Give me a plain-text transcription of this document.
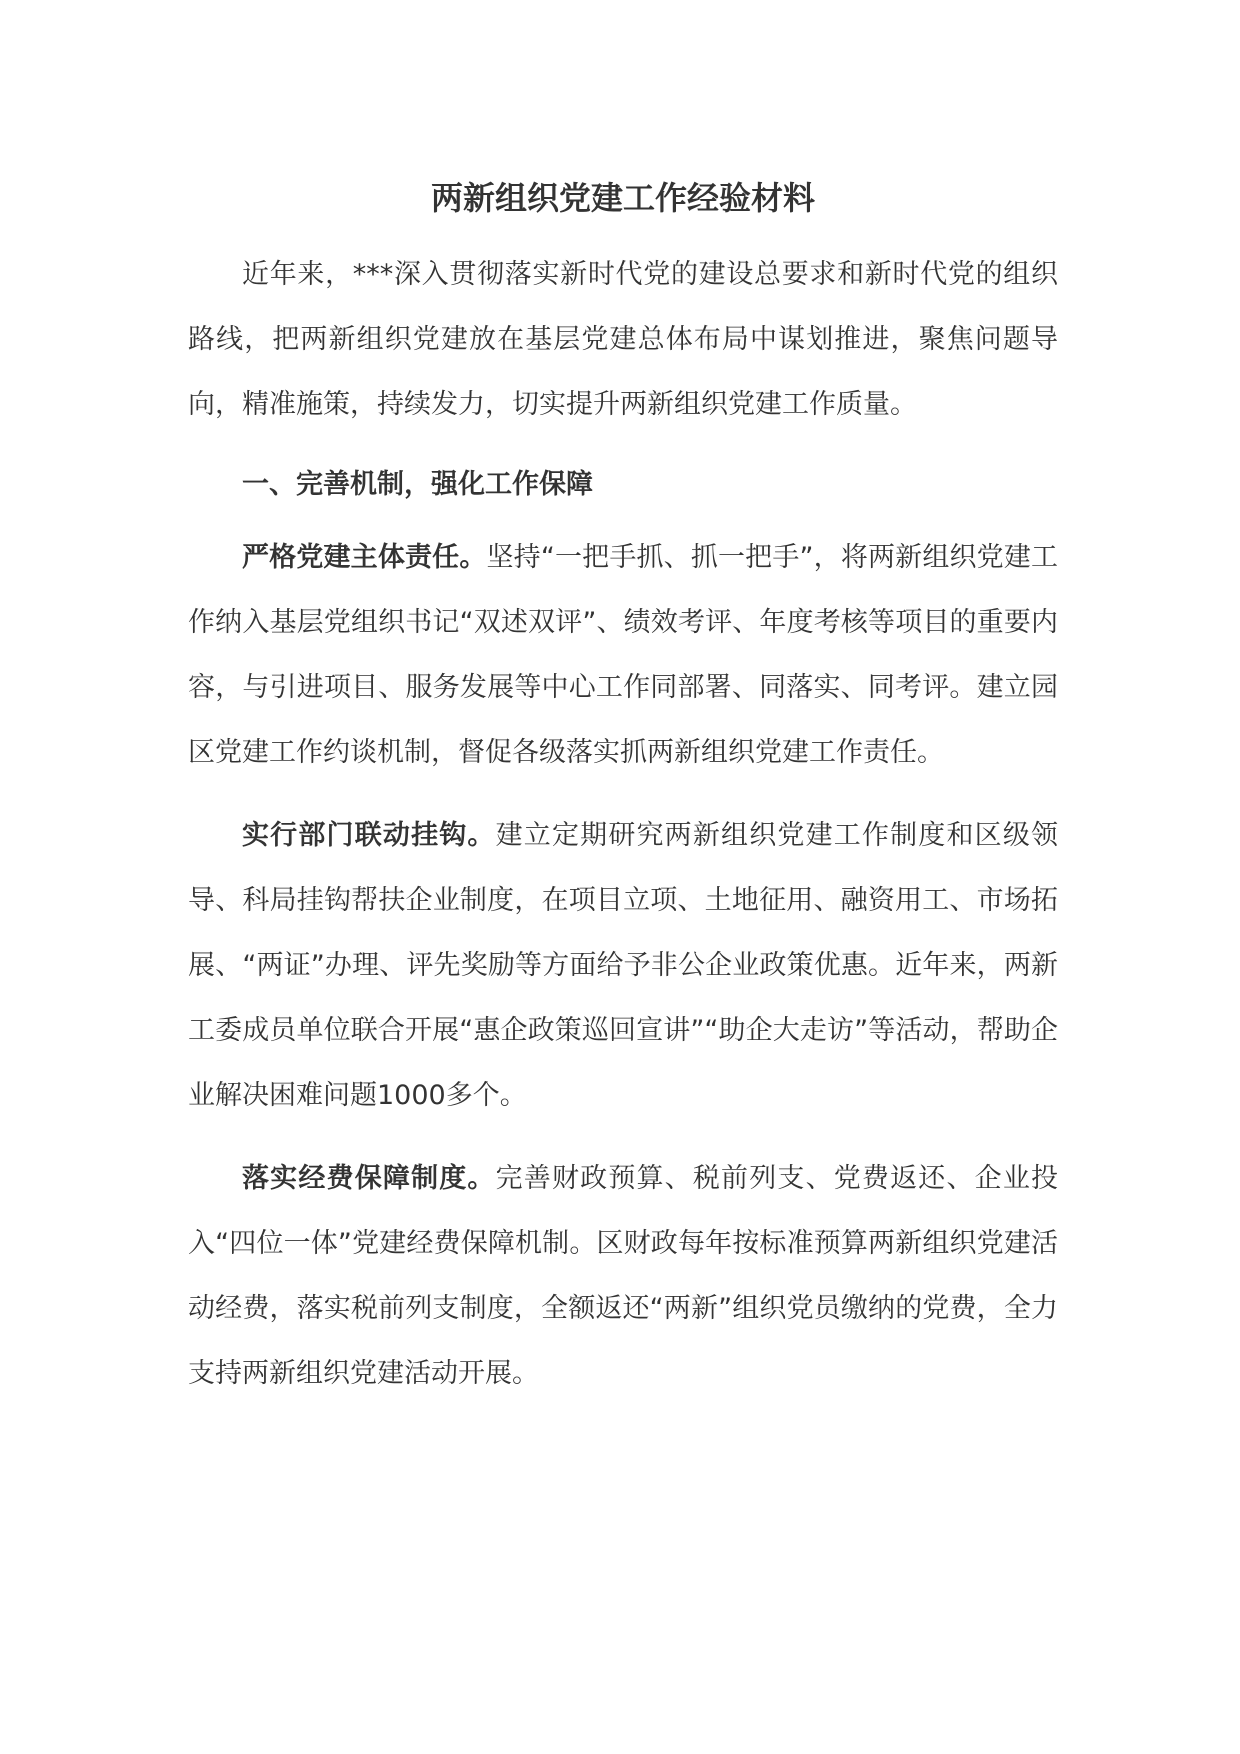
两新组织党建工作经验材料

近年来，***深入贯彻落实新时代党的建设总要求和新时代党的组织路线，把两新组织党建放在基层党建总体布局中谋划推进，聚焦问题导向，精准施策，持续发力，切实提升两新组织党建工作质量。

一、完善机制，强化工作保障

严格党建主体责任。坚持“一把手抓、抓一把手”，将两新组织党建工作纳入基层党组织书记“双述双评”、绩效考评、年度考核等项目的重要内容，与引进项目、服务发展等中心工作同部署、同落实、同考评。建立园区党建工作约谈机制，督促各级落实抓两新组织党建工作责任。

实行部门联动挂钩。建立定期研究两新组织党建工作制度和区级领导、科局挂钩帮扶企业制度，在项目立项、土地征用、融资用工、市场拓展、“两证”办理、评先奖励等方面给予非公企业政策优惠。近年来，两新工委成员单位联合开展“惠企政策巡回宣讲”“助企大走访”等活动，帮助企业解决困难问题1000多个。

落实经费保障制度。完善财政预算、税前列支、党费返还、企业投入“四位一体”党建经费保障机制。区财政每年按标准预算两新组织党建活动经费，落实税前列支制度，全额返还“两新”组织党员缴纳的党费，全力支持两新组织党建活动开展。
